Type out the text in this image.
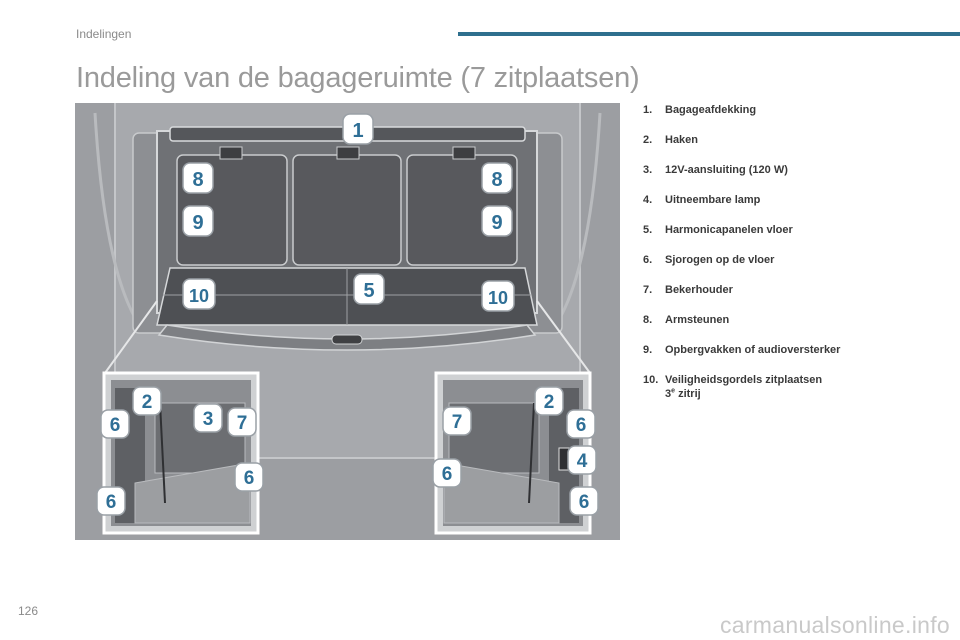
Indelingen
Indeling van de bagageruimte (7 zitplaatsen)
1
8	8
9	9
5
10	10
2
6	3 7
6
6
7
2
6
4
6
6
1.	Bagageafdekking
2.	Haken
3.	12V-aansluiting (120 W)
4.	Uitneembare lamp
5.	Harmonicapanelen vloer
6.	Sjorogen op de vloer
7.	Bekerhouder
8.	Armsteunen
9.	Opbergvakken of audioversterker
10. Veiligheidsgordels zitplaatsen
3e zitrij
126
carmanualsonline.info
